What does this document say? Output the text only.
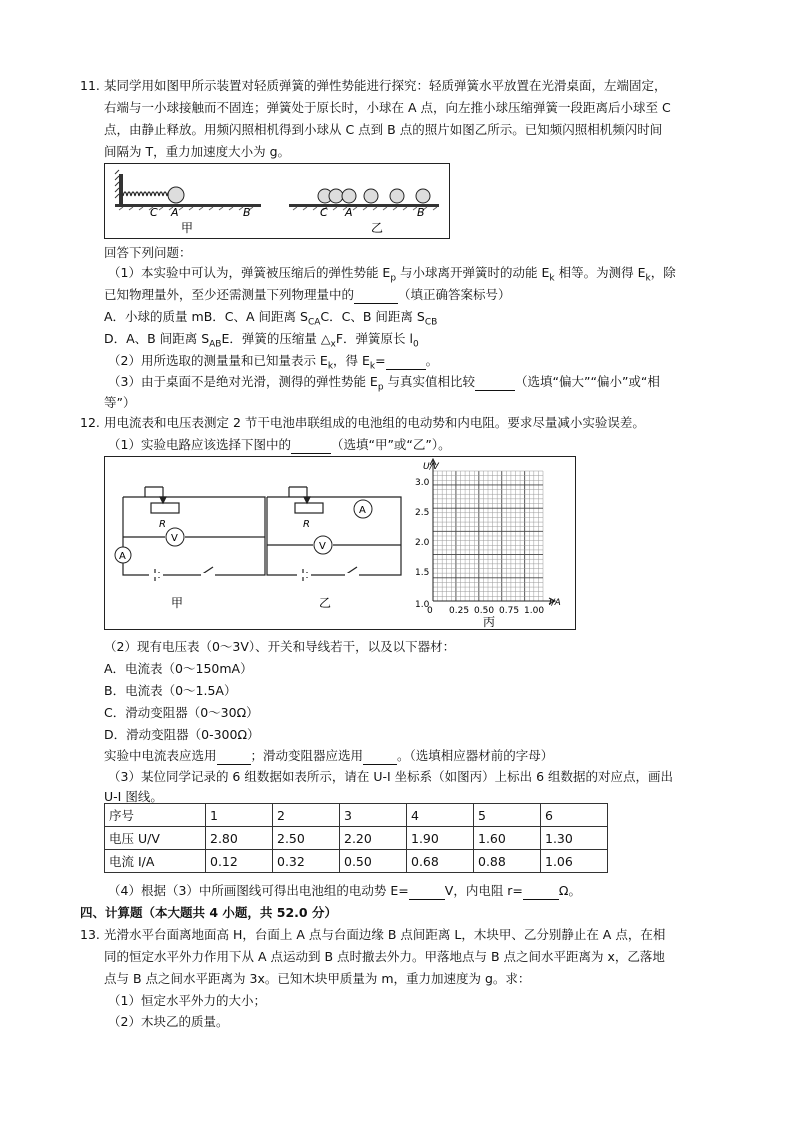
11. 某同学用如图甲所示装置对轻质弹簧的弹性势能进行探究：轻质弹簧水平放置在光滑桌面，左端固定，
右端与一小球接触而不固连；弹簧处于原长时，小球在 A 点，向左推小球压缩弹簧一段距离后小球至 C
点，由静止释放。用频闪照相机得到小球从 C 点到 B 点的照片如图乙所示。已知频闪照相机频闪时间
间隔为 T，重力加速度大小为 g。
C A	B
甲
C A	B
乙
回答下列问题：
（1）本实验中可认为，弹簧被压缩后的弹性势能 $E_p$ 与小球离开弹簧时的动能 $E_k$ 相等。为测得 $E_k$，除
已知物理量外，至少还需测量下列物理量中的	（填正确答案标号）
A．小球的质量 mB．C、A 间距离 $S_{CA}C$．C、B 间距离 $S_{CB}$
D．A、B 间距离 $S_{AB}E$．弹簧的压缩量 $\triangle_xF$．弹簧原长 $l_0$
（2）用所选取的测量量和已知量表示 $E_k$，得 $E_k=$	。
（3）由于桌面不是绝对光滑，测得的弹性势能 $E_p$ 与真实值相比较	（选填“偏大”“偏小”或“相
等”）
12. 用电流表和电压表测定 2 节干电池串联组成的电池组的电动势和内电阻。要求尽量减小实验误差。
（1）实验电路应该选择下图中的	（选填“甲”或“乙”）。
V
A
R
甲
A
V
R
乙
U/V
I/A
1.0
1.5
2.0
2.5
3.0
0 0.25 0.50 0.75 1.00
丙
（2）现有电压表（0～3V）、开关和导线若干，以及以下器材：
A．电流表（0～150mA）
B．电流表（0～1.5A）
C．滑动变阻器（0～30Ω）
D．滑动变阻器（0-300Ω）
实验中电流表应选用	；滑动变阻器应选用	。（选填相应器材前的字母）
（3）某位同学记录的 6 组数据如表所示，请在 U-I 坐标系（如图丙）上标出 6 组数据的对应点，画出
U-I 图线。
序号	1	2	3	4	5	6
电压 U/V	2.80	2.50	2.20	1.90	1.60	1.30
电流 I/A	0.12	0.32	0.50	0.68	0.88	1.06
（4）根据（3）中所画图线可得出电池组的电动势 E=	V，内电阻 r=	Ω。
四、计算题（本大题共 4 小题，共 52.0 分）
13. 光滑水平台面离地面高 H，台面上 A 点与台面边缘 B 点间距离 L，木块甲、乙分别静止在 A 点，在相
同的恒定水平外力作用下从 A 点运动到 B 点时撤去外力。甲落地点与 B 点之间水平距离为 x，乙落地
点与 B 点之间水平距离为 3x。已知木块甲质量为 m，重力加速度为 g。求：
（1）恒定水平外力的大小；
（2）木块乙的质量。
